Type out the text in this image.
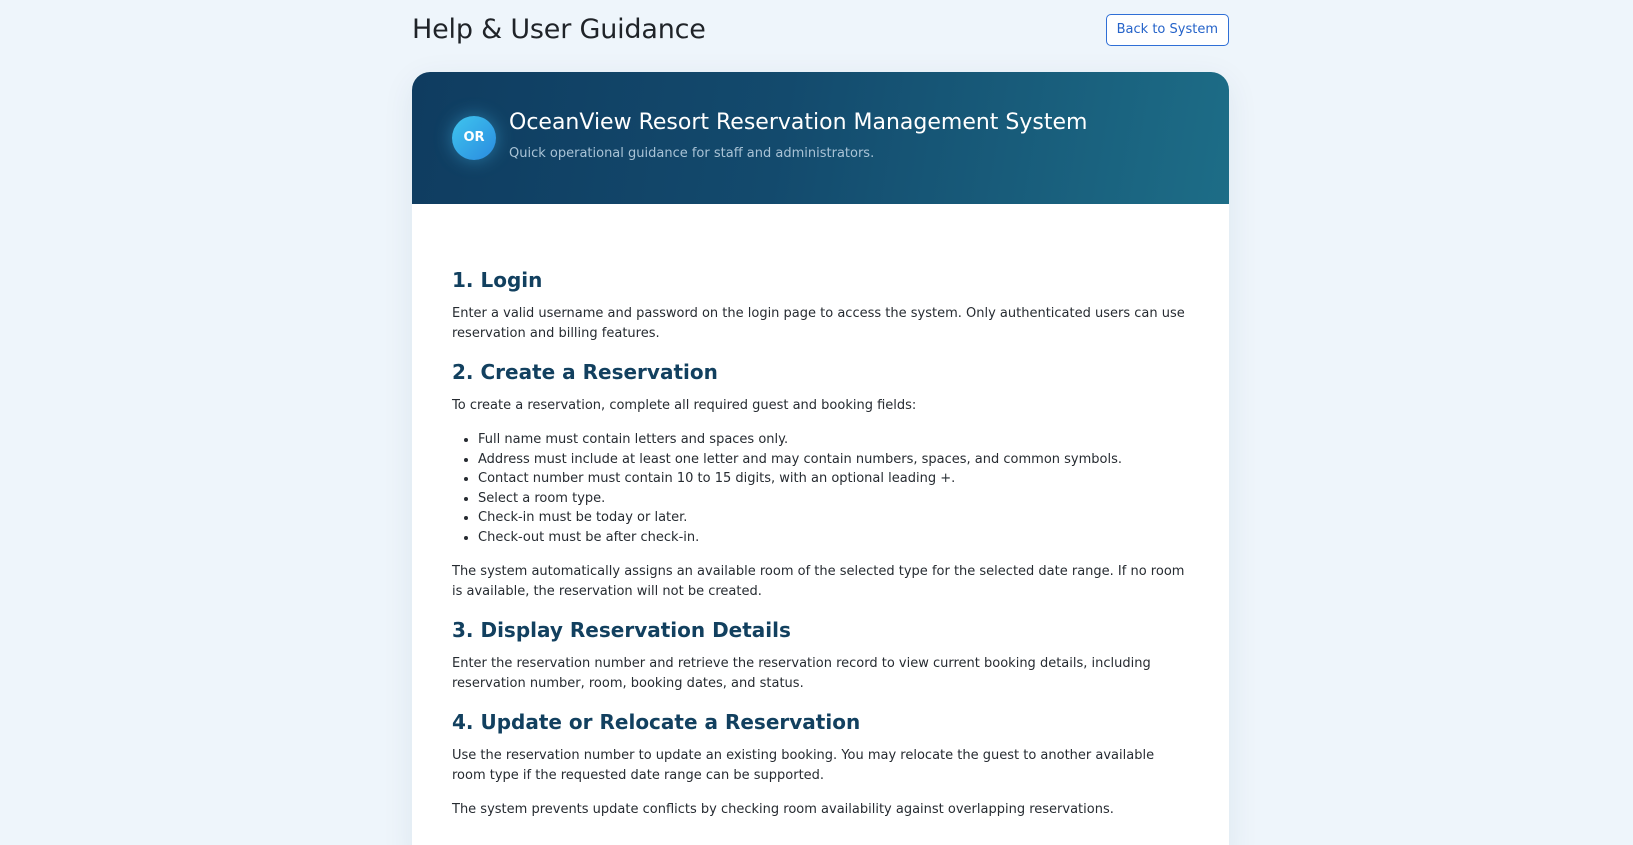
Help & User Guidance	Back to System
OR
OceanView Resort Reservation Management System
Quick operational guidance for staff and administrators.
1. Login

Enter a valid username and password on the login page to access the system. Only authenticated users can use reservation and billing features.

2. Create a Reservation

To create a reservation, complete all required guest and booking fields:

• Full name must contain letters and spaces only.
• Address must include at least one letter and may contain numbers, spaces, and common symbols.
• Contact number must contain 10 to 15 digits, with an optional leading +.
• Select a room type.
• Check-in must be today or later.
• Check-out must be after check-in.

The system automatically assigns an available room of the selected type for the selected date range. If no room is available, the reservation will not be created.

3. Display Reservation Details

Enter the reservation number and retrieve the reservation record to view current booking details, including reservation number, room, booking dates, and status.

4. Update or Relocate a Reservation

Use the reservation number to update an existing booking. You may relocate the guest to another available room type if the requested date range can be supported.

The system prevents update conflicts by checking room availability against overlapping reservations.
